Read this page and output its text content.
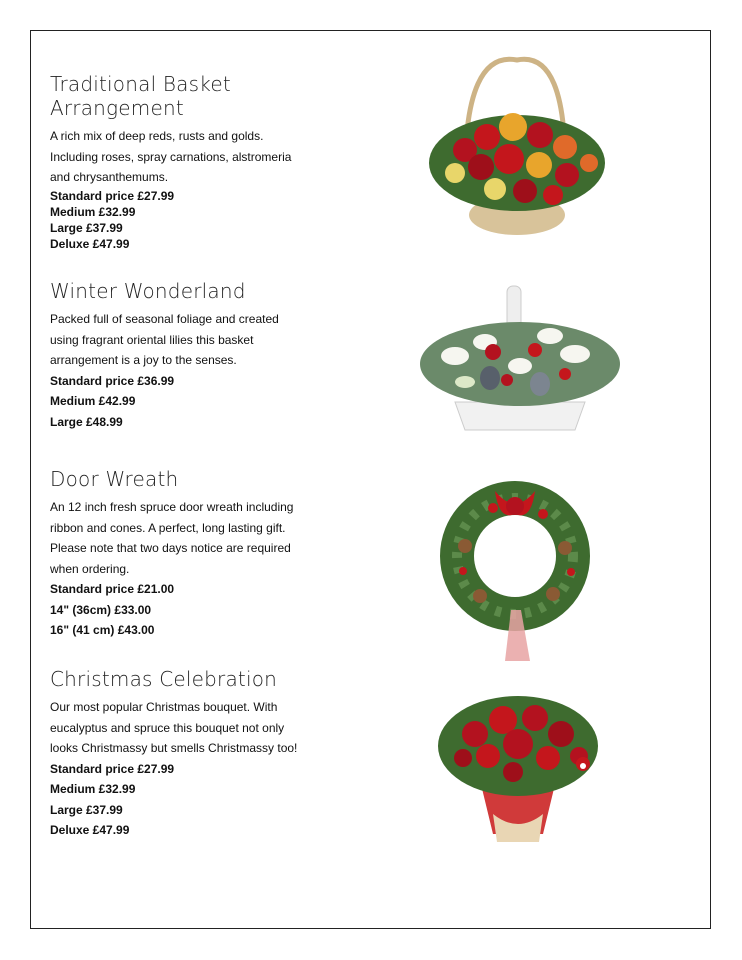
Traditional Basket Arrangement

A rich mix of deep reds, rusts and golds. Including roses, spray carnations, alstromeria and chrysanthemums.

Standard price £27.99
Medium £32.99
Large £37.99
Deluxe £47.99
Winter Wonderland

Packed full of seasonal foliage and created using fragrant oriental lilies this basket arrangement is a joy to the senses.

Standard price £36.99
Medium £42.99
Large £48.99
Door Wreath

An 12 inch fresh spruce door wreath including ribbon and cones. A perfect, long lasting gift. Please note that two days notice are required when ordering.

Standard price £21.00
14" (36cm) £33.00
16" (41 cm) £43.00
Christmas Celebration

Our most popular Christmas bouquet. With eucalyptus and spruce this bouquet not only looks Christmassy but smells Christmassy too!

Standard price £27.99
Medium £32.99
Large £37.99
Deluxe £47.99
